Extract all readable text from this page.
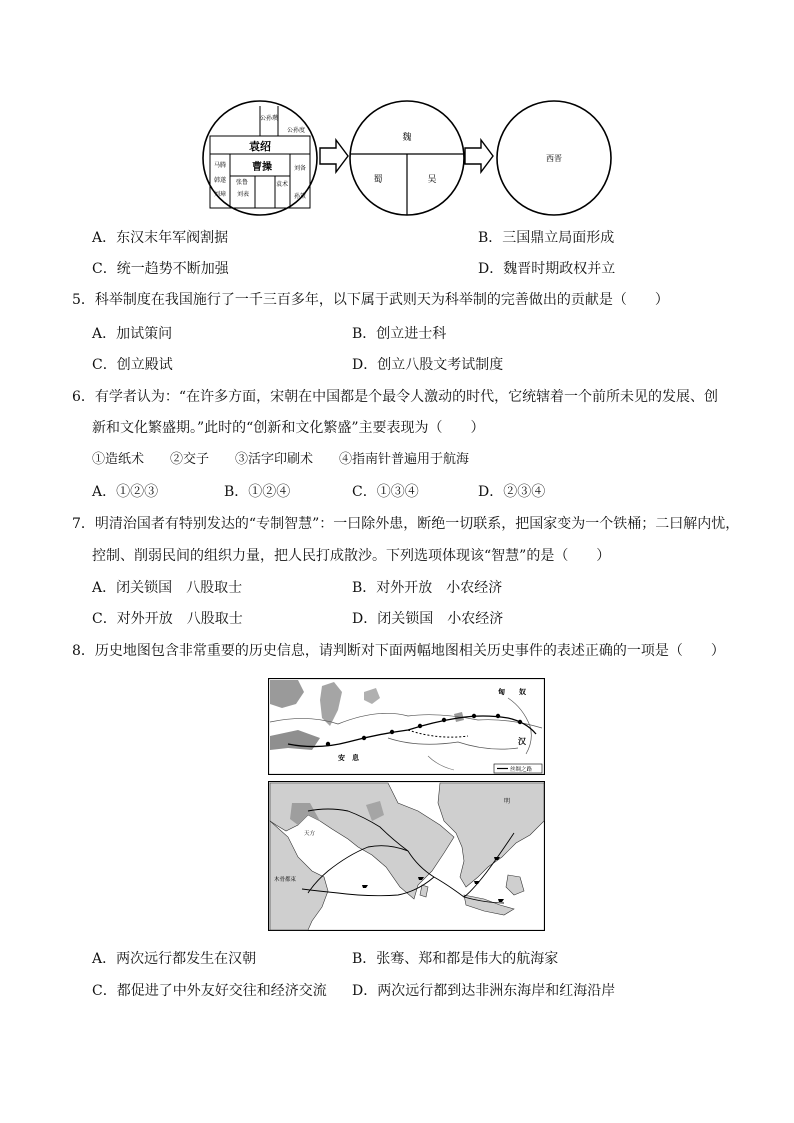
公孙瓒
公孙度
袁绍
曹操
马腾
韩遂
刘备
孙策
刘璋 刘表
袁术
张鲁
魏
蜀	吴
西晋
A．东汉末年军阀割据	B．三国鼎立局面形成
C．统一趋势不断加强	D．魏晋时期政权并立
5．科举制度在我国施行了一千三百多年，以下属于武则天为科举制的完善做出的贡献是（　　）
A．加试策问	B．创立进士科
C．创立殿试	D．创立八股文考试制度
6．有学者认为：“在许多方面，宋朝在中国都是个最令人激动的时代，它统辖着一个前所未见的发展、创
新和文化繁盛期。”此时的“创新和文化繁盛”主要表现为（　　）
①造纸术　　②交子　　③活字印刷术　　④指南针普遍用于航海
A．①②③	B．①②④	C．①③④	D．②③④
7．明清治国者有特别发达的“专制智慧”：一曰除外患，断绝一切联系，把国家变为一个铁桶；二曰解内忧，
控制、削弱民间的组织力量，把人民打成散沙。下列选项体现该“智慧”的是（　　）
A．闭关锁国　八股取士	B．对外开放　小农经济
C．对外开放　八股取士	D．闭关锁国　小农经济
8．历史地图包含非常重要的历史信息，请判断对下面两幅地图相关历史事件的表述正确的一项是（　　）
匈　　奴
汉
安　息
丝绸之路
天方
木骨都束
明
A．两次远行都发生在汉朝	B．张骞、郑和都是伟大的航海家
C．都促进了中外友好交往和经济交流 D．两次远行都到达非洲东海岸和红海沿岸
